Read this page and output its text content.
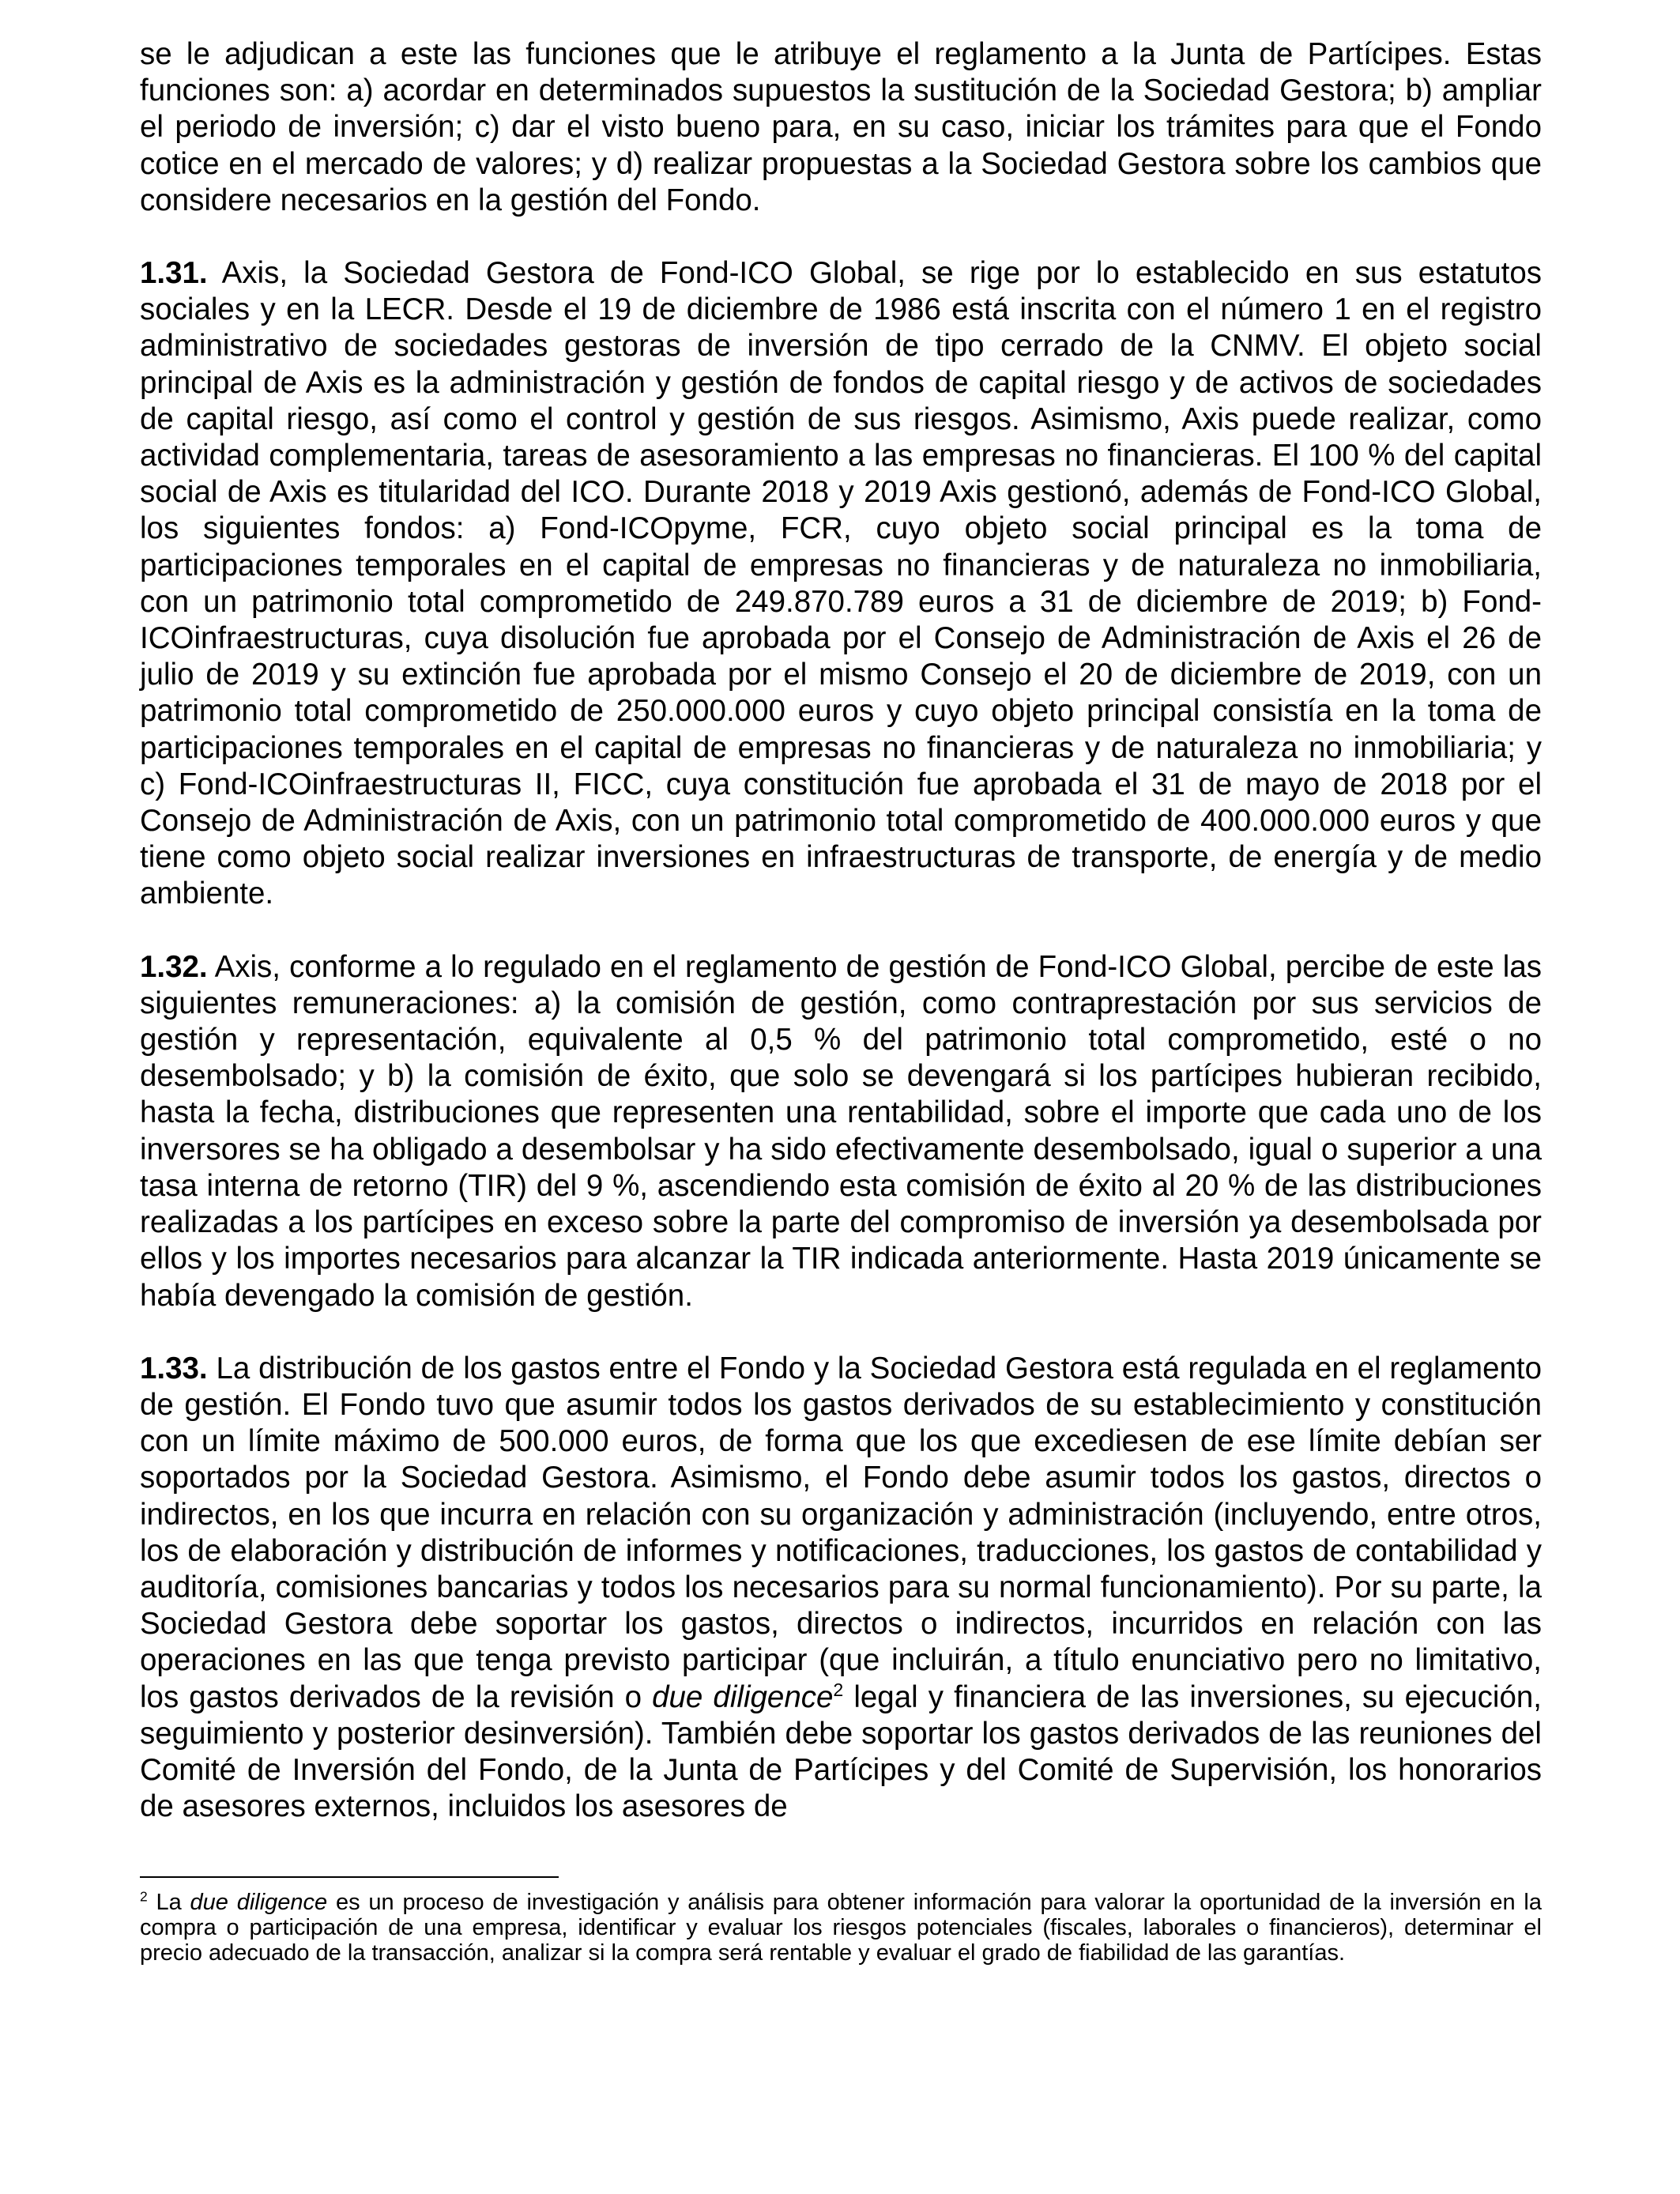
se le adjudican a este las funciones que le atribuye el reglamento a la Junta de Partícipes. Estas funciones son: a) acordar en determinados supuestos la sustitución de la Sociedad Gestora; b) ampliar el periodo de inversión; c) dar el visto bueno para, en su caso, iniciar los trámites para que el Fondo cotice en el mercado de valores; y d) realizar propuestas a la Sociedad Gestora sobre los cambios que considere necesarios en la gestión del Fondo.

1.31. Axis, la Sociedad Gestora de Fond-ICO Global, se rige por lo establecido en sus estatutos sociales y en la LECR. Desde el 19 de diciembre de 1986 está inscrita con el número 1 en el registro administrativo de sociedades gestoras de inversión de tipo cerrado de la CNMV. El objeto social principal de Axis es la administración y gestión de fondos de capital riesgo y de activos de sociedades de capital riesgo, así como el control y gestión de sus riesgos. Asimismo, Axis puede realizar, como actividad complementaria, tareas de asesoramiento a las empresas no financieras. El 100 % del capital social de Axis es titularidad del ICO. Durante 2018 y 2019 Axis gestionó, además de Fond-ICO Global, los siguientes fondos: a) Fond-ICOpyme, FCR, cuyo objeto social principal es la toma de participaciones temporales en el capital de empresas no financieras y de naturaleza no inmobiliaria, con un patrimonio total comprometido de 249.870.789 euros a 31 de diciembre de 2019; b) Fond-ICOinfraestructuras, cuya disolución fue aprobada por el Consejo de Administración de Axis el 26 de julio de 2019 y su extinción fue aprobada por el mismo Consejo el 20 de diciembre de 2019, con un patrimonio total comprometido de 250.000.000 euros y cuyo objeto principal consistía en la toma de participaciones temporales en el capital de empresas no financieras y de naturaleza no inmobiliaria; y c) Fond-ICOinfraestructuras II, FICC, cuya constitución fue aprobada el 31 de mayo de 2018 por el Consejo de Administración de Axis, con un patrimonio total comprometido de 400.000.000 euros y que tiene como objeto social realizar inversiones en infraestructuras de transporte, de energía y de medio ambiente.

1.32. Axis, conforme a lo regulado en el reglamento de gestión de Fond-ICO Global, percibe de este las siguientes remuneraciones: a) la comisión de gestión, como contraprestación por sus servicios de gestión y representación, equivalente al 0,5 % del patrimonio total comprometido, esté o no desembolsado; y b) la comisión de éxito, que solo se devengará si los partícipes hubieran recibido, hasta la fecha, distribuciones que representen una rentabilidad, sobre el importe que cada uno de los inversores se ha obligado a desembolsar y ha sido efectivamente desembolsado, igual o superior a una tasa interna de retorno (TIR) del 9 %, ascendiendo esta comisión de éxito al 20 % de las distribuciones realizadas a los partícipes en exceso sobre la parte del compromiso de inversión ya desembolsada por ellos y los importes necesarios para alcanzar la TIR indicada anteriormente. Hasta 2019 únicamente se había devengado la comisión de gestión.

1.33. La distribución de los gastos entre el Fondo y la Sociedad Gestora está regulada en el reglamento de gestión. El Fondo tuvo que asumir todos los gastos derivados de su establecimiento y constitución con un límite máximo de 500.000 euros, de forma que los que excediesen de ese límite debían ser soportados por la Sociedad Gestora. Asimismo, el Fondo debe asumir todos los gastos, directos o indirectos, en los que incurra en relación con su organización y administración (incluyendo, entre otros, los de elaboración y distribución de informes y notificaciones, traducciones, los gastos de contabilidad y auditoría, comisiones bancarias y todos los necesarios para su normal funcionamiento). Por su parte, la Sociedad Gestora debe soportar los gastos, directos o indirectos, incurridos en relación con las operaciones en las que tenga previsto participar (que incluirán, a título enunciativo pero no limitativo, los gastos derivados de la revisión o due diligence$^2$ legal y financiera de las inversiones, su ejecución, seguimiento y posterior desinversión). También debe soportar los gastos derivados de las reuniones del Comité de Inversión del Fondo, de la Junta de Partícipes y del Comité de Supervisión, los honorarios de asesores externos, incluidos los asesores de

$^2$ La due diligence es un proceso de investigación y análisis para obtener información para valorar la oportunidad de la inversión en la compra o participación de una empresa, identificar y evaluar los riesgos potenciales (fiscales, laborales o financieros), determinar el precio adecuado de la transacción, analizar si la compra será rentable y evaluar el grado de fiabilidad de las garantías.
